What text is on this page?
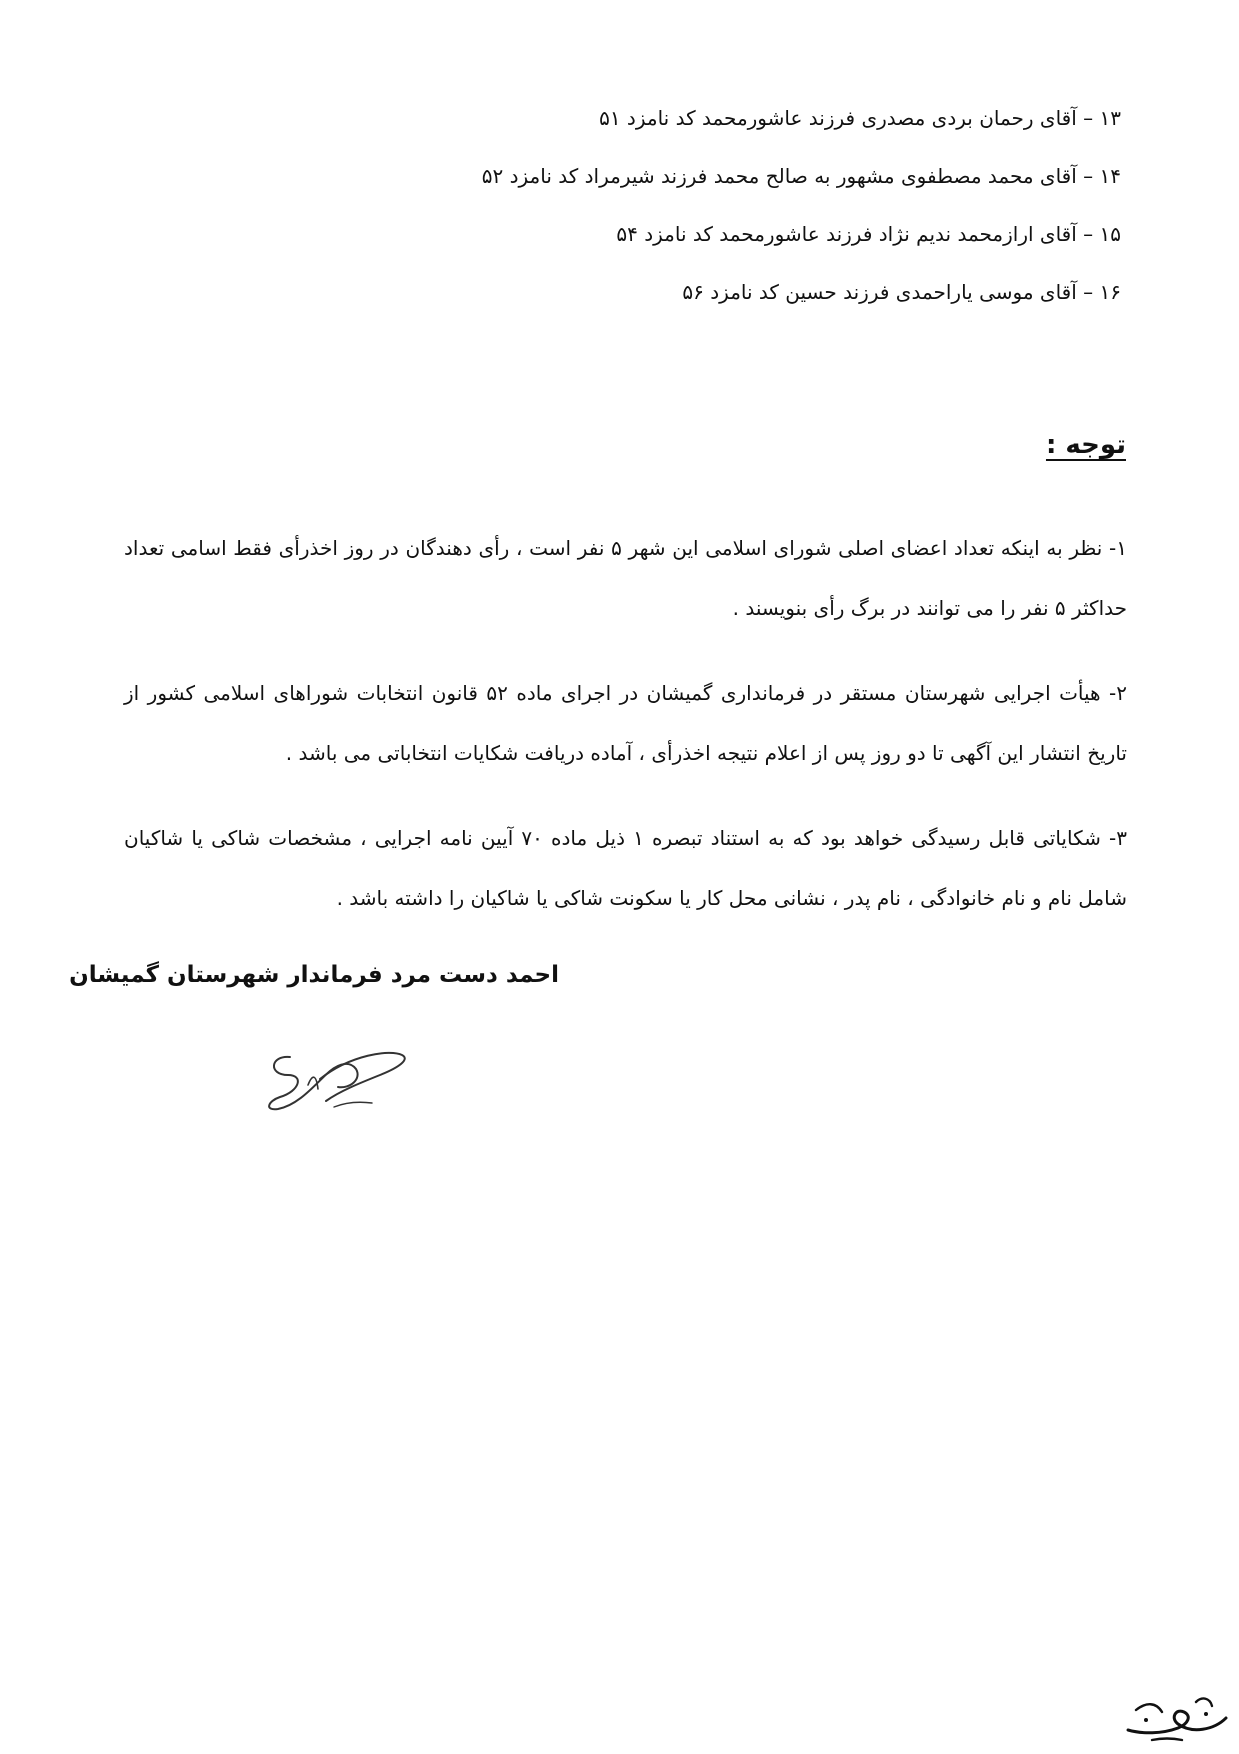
۱۳ – آقای رحمان بردی مصدری فرزند عاشورمحمد کد نامزد ۵۱
۱۴ – آقای محمد مصطفوی مشهور به صالح محمد فرزند شیرمراد کد نامزد ۵۲
۱۵ – آقای ارازمحمد ندیم نژاد فرزند عاشورمحمد کد نامزد ۵۴
۱۶ – آقای موسی یاراحمدی فرزند حسین کد نامزد ۵۶
توجه :

۱- نظر به اینکه تعداد اعضای اصلی شورای اسلامی این شهر ۵ نفر است ، رأی دهندگان در روز اخذرأی فقط اسامی تعداد حداکثر ۵ نفر را می توانند در برگ رأی بنویسند .

۲- هیأت اجرایی شهرستان مستقر در فرمانداری گمیشان در اجرای ماده ۵۲ قانون انتخابات شوراهای اسلامی کشور از تاریخ انتشار این آگهی تا دو روز پس از اعلام نتیجه اخذرأی ، آماده دریافت شکایات انتخاباتی می باشد .

۳- شکایاتی قابل رسیدگی خواهد بود که به استناد تبصره ۱ ذیل ماده ۷۰ آیین نامه اجرایی ، مشخصات شاکی یا شاکیان شامل نام و نام خانوادگی ، نام پدر ، نشانی محل کار یا سکونت شاکی یا شاکیان را داشته باشد .

احمد دست مرد فرماندار شهرستان گمیشان
